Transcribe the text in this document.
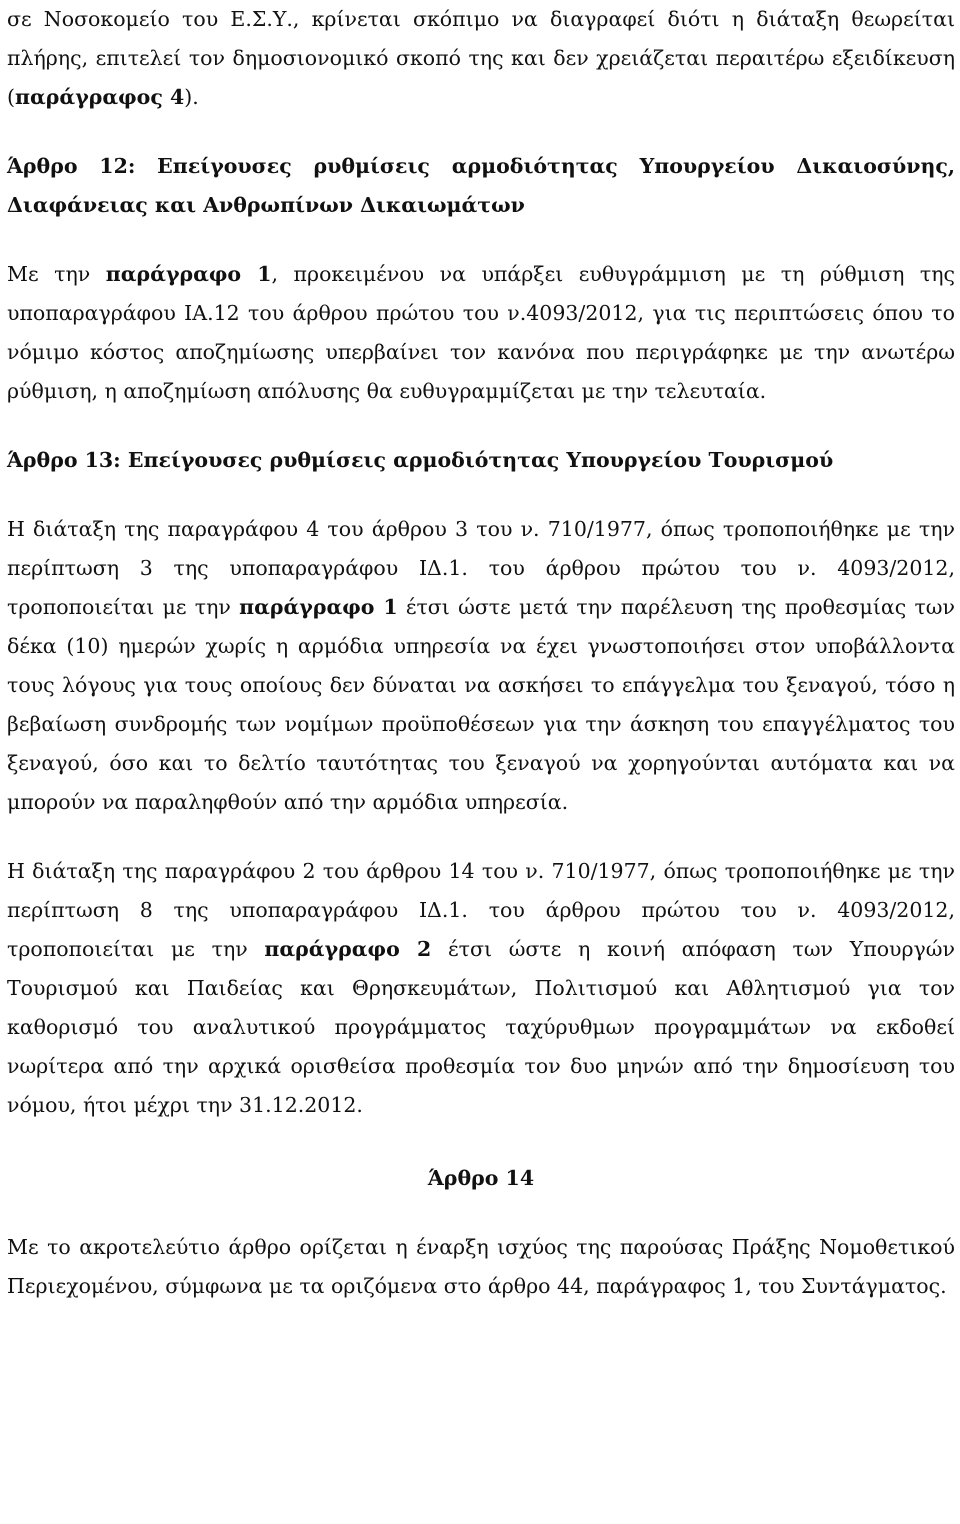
σε Νοσοκομείο του Ε.Σ.Υ., κρίνεται σκόπιμο να διαγραφεί διότι η διάταξη θεωρείται πλήρης, επιτελεί τον δημοσιονομικό σκοπό της και δεν χρειάζεται περαιτέρω εξειδίκευση (παράγραφος 4).

Άρθρο 12: Επείγουσες ρυθμίσεις αρμοδιότητας Υπουργείου Δικαιοσύνης, Διαφάνειας και Ανθρωπίνων Δικαιωμάτων

Με την παράγραφο 1, προκειμένου να υπάρξει ευθυγράμμιση με τη ρύθμιση της υποπαραγράφου ΙΑ.12 του άρθρου πρώτου του ν.4093/2012, για τις περιπτώσεις όπου το νόμιμο κόστος αποζημίωσης υπερβαίνει τον κανόνα που περιγράφηκε με την ανωτέρω ρύθμιση, η αποζημίωση απόλυσης θα ευθυγραμμίζεται με την τελευταία.

Άρθρο 13: Επείγουσες ρυθμίσεις αρμοδιότητας Υπουργείου Τουρισμού

Η διάταξη της παραγράφου 4 του άρθρου 3 του ν. 710/1977, όπως τροποποιήθηκε με την περίπτωση 3 της υποπαραγράφου ΙΔ.1. του άρθρου πρώτου του ν. 4093/2012, τροποποιείται με την παράγραφο 1 έτσι ώστε μετά την παρέλευση της προθεσμίας των δέκα (10) ημερών χωρίς η αρμόδια υπηρεσία να έχει γνωστοποιήσει στον υποβάλλοντα τους λόγους για τους οποίους δεν δύναται να ασκήσει το επάγγελμα του ξεναγού, τόσο η βεβαίωση συνδρομής των νομίμων προϋποθέσεων για την άσκηση του επαγγέλματος του ξεναγού, όσο και το δελτίο ταυτότητας του ξεναγού να χορηγούνται αυτόματα και να μπορούν να παραληφθούν από την αρμόδια υπηρεσία.

Η διάταξη της παραγράφου 2 του άρθρου 14 του ν. 710/1977, όπως τροποποιήθηκε με την περίπτωση 8 της υποπαραγράφου ΙΔ.1. του άρθρου πρώτου του ν. 4093/2012, τροποποιείται με την παράγραφο 2 έτσι ώστε η κοινή απόφαση των Υπουργών Τουρισμού και Παιδείας και Θρησκευμάτων, Πολιτισμού και Αθλητισμού για τον καθορισμό του αναλυτικού προγράμματος ταχύρυθμων προγραμμάτων να εκδοθεί νωρίτερα από την αρχικά ορισθείσα προθεσμία τον δυο μηνών από την δημοσίευση του νόμου, ήτοι μέχρι την 31.12.2012.

Άρθρο 14

Με το ακροτελεύτιο άρθρο ορίζεται η έναρξη ισχύος της παρούσας Πράξης Νομοθετικού Περιεχομένου, σύμφωνα με τα οριζόμενα στο άρθρο 44, παράγραφος 1, του Συντάγματος.
